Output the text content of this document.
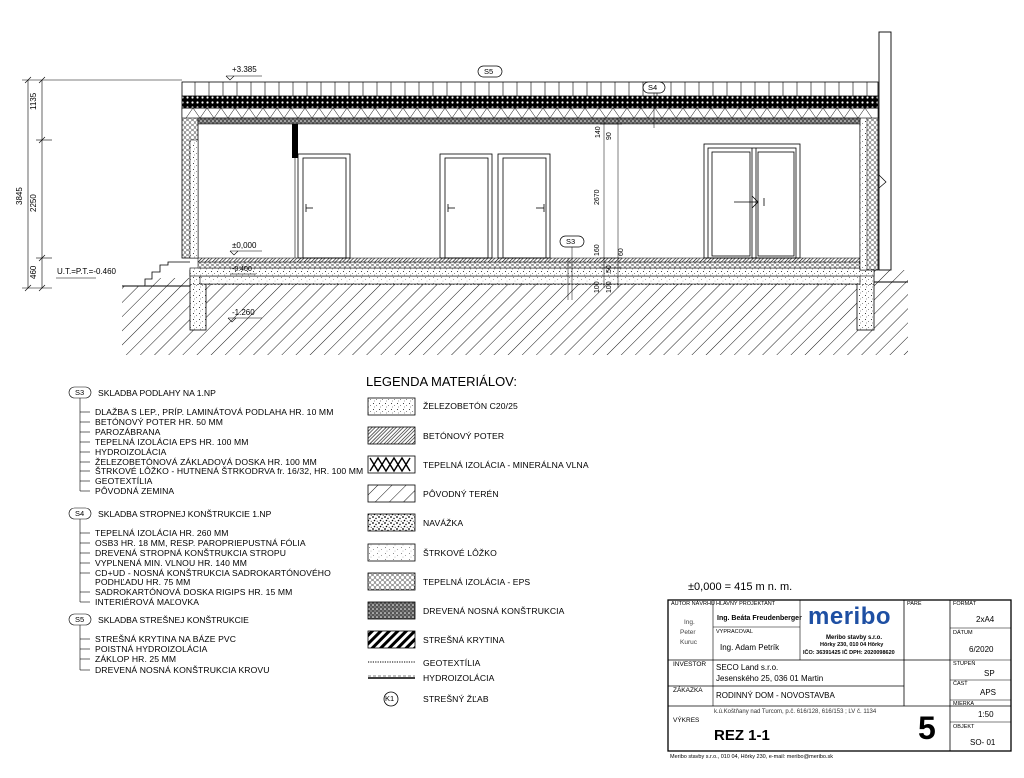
+3.385
±0,000
U.T.=P.T.=-0.460	-0.400
-1.260
1135
3845 2250
460
140 90
2670
160
100
50
100
60
S5
S4
S3
S3 SKLADBA PODLAHY NA 1.NP
DLAŽBA S LEP., PRÍP. LAMINÁTOVÁ PODLAHA HR. 10 MM
BETÓNOVÝ POTER HR. 50 MM
PAROZÁBRANA
TEPELNÁ IZOLÁCIA EPS HR. 100 MM
HYDROIZOLÁCIA
ŽELEZOBETÓNOVÁ ZÁKLADOVÁ DOSKA HR. 100 MM
ŠTRKOVÉ LÔŽKO - HUTNENÁ ŠTRKODRVA fr. 16/32, HR. 100 MM
GEOTEXTÍLIA
PÔVODNÁ ZEMINA
S4 SKLADBA STROPNEJ KONŠTRUKCIE 1.NP
TEPELNÁ IZOLÁCIA HR. 260 MM
OSB3 HR. 18 MM, RESP. PAROPRIEPUSTNÁ FÓLIA
DREVENÁ STROPNÁ KONŠTRUKCIA STROPU
VYPLNENÁ MIN. VLNOU HR. 140 MM
CD+UD - NOSNÁ KONŠTRUKCIA SADROKARTÓNOVÉHO
PODHĽADU HR. 75 MM
SADROKARTÓNOVÁ DOSKA RIGIPS HR. 15 MM
INTERIÉROVÁ MAĽOVKA
S5 SKLADBA STREŠNEJ KONŠTRUKCIE
STREŠNÁ KRYTINA NA BÁZE PVC
POISTNÁ HYDROIZOLÁCIA
ZÁKLOP HR. 25 MM
DREVENÁ NOSNÁ KONŠTRUKCIA KROVU
LEGENDA MATERIÁLOV:
ŽELEZOBETÓN C20/25
BETÓNOVÝ POTER
TEPELNÁ IZOLÁCIA - MINERÁLNA VLNA
PÔVODNÝ TERÉN
NAVÁŽKA
ŠTRKOVÉ LÔŽKO
TEPELNÁ IZOLÁCIA - EPS
DREVENÁ NOSNÁ KONŠTRUKCIA
STREŠNÁ KRYTINA
GEOTEXTÍLIA
HYDROIZOLÁCIA
STREŠNÝ ŽĽAB
K1
±0,000 = 415 m n. m.
AUTOR NÁVRHU
Ing.
Peter
Kuruc
HLAVNÝ PROJEKTANT
Ing. Beáta Freudenberger
VYPRACOVAL
Ing. Adam Petrík
meribo
Meribo stavby s.r.o.
Hôrky 230, 010 04 Hôrky
IČO: 36391425 IČ DPH: 2020098620
PARE	FORMÁT
2xA4
DÁTUM
6/2020
STUPEŇ
SP
ČASŤ
APS
MIERKA
1:50
OBJEKT
SO- 01
INVESTOR SECO Land s.r.o.
Jesenského 25, 036 01 Martin
ZÁKAZKA
RODINNÝ DOM - NOVOSTAVBA
k.ú.Koštňany nad Turcom, p.č. 616/128, 616/153 ; LV č. 1134
VÝKRES
REZ 1-1	5
Meribo stavby s.r.o., 010 04, Hôrky 230, e-mail: meribo@meribo.sk
